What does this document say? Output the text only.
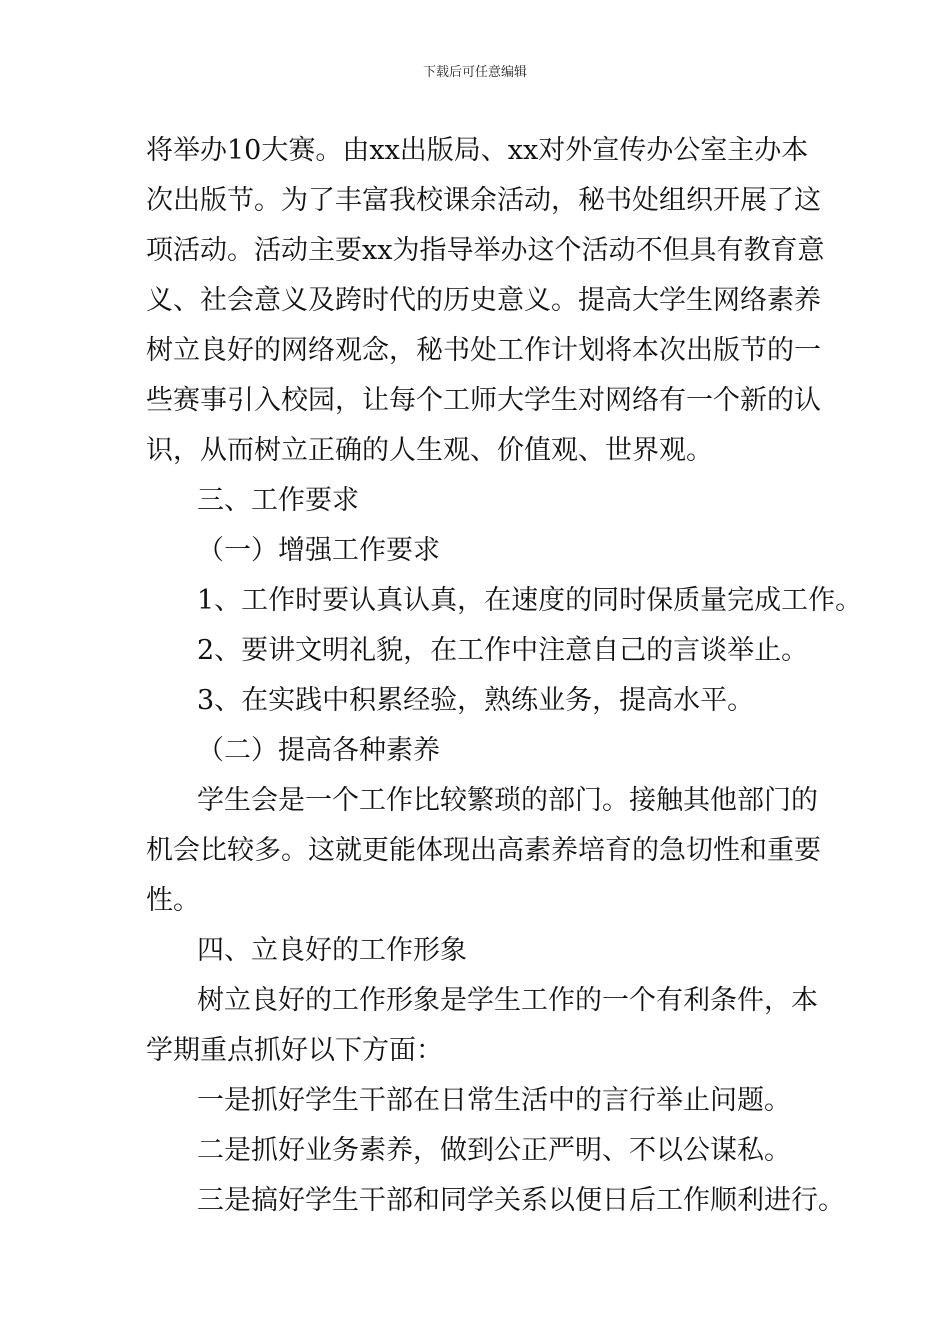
下载后可任意编辑
将举办10大赛。由xx出版局、xx对外宣传办公室主办本
次出版节。为了丰富我校课余活动，秘书处组织开展了这
项活动。活动主要xx为指导举办这个活动不但具有教育意
义、社会意义及跨时代的历史意义。提高大学生网络素养
树立良好的网络观念，秘书处工作计划将本次出版节的一
些赛事引入校园，让每个工师大学生对网络有一个新的认
识，从而树立正确的人生观、价值观、世界观。
三、工作要求
（一）增强工作要求
1、工作时要认真认真，在速度的同时保质量完成工作。
2、要讲文明礼貌，在工作中注意自己的言谈举止。
3、在实践中积累经验，熟练业务，提高水平。
（二）提高各种素养
学生会是一个工作比较繁琐的部门。接触其他部门的
机会比较多。这就更能体现出高素养培育的急切性和重要
性。
四、立良好的工作形象
树立良好的工作形象是学生工作的一个有利条件，本
学期重点抓好以下方面：
一是抓好学生干部在日常生活中的言行举止问题。
二是抓好业务素养，做到公正严明、不以公谋私。
三是搞好学生干部和同学关系以便日后工作顺利进行。
